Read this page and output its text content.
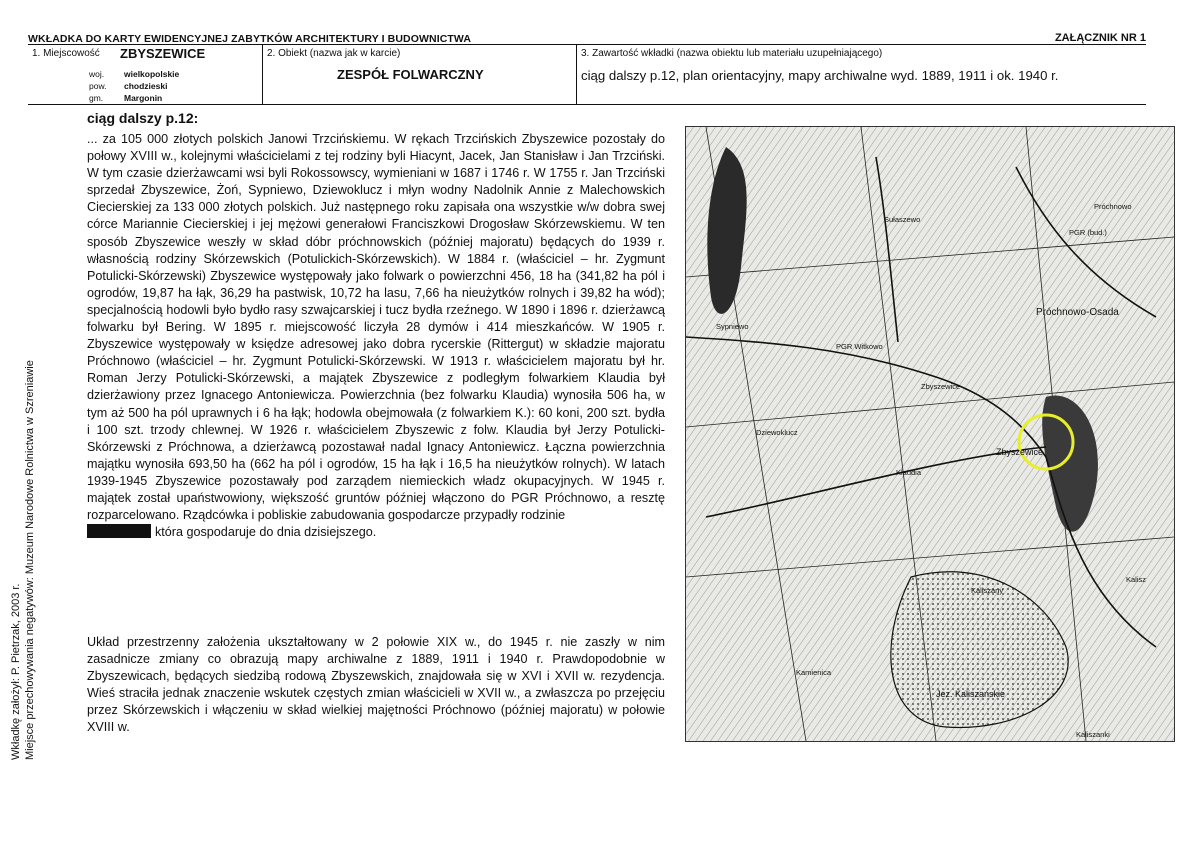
WKŁADKA DO KARTY EWIDENCYJNEJ ZABYTKÓW ARCHITEKTURY I BUDOWNICTWA	ZAŁĄCZNIK NR 1
1. Miejscowość ZBYSZEWICE
woj. wielkopolskie
pow. chodzieski
gm. Margonin
2. Obiekt (nazwa jak w karcie)
ZESPÓŁ FOLWARCZNY
3. Zawartość wkładki (nazwa obiektu lub materiału uzupełniającego)
ciąg dalszy p.12, plan orientacyjny, mapy archiwalne wyd. 1889, 1911 i ok. 1940 r.
Wkładkę założył: P. Pietrzak, 2003 r. Miejsce przechowywania negatywów: Muzeum Narodowe Rolnictwa w Szreniawie
ciąg dalszy p.12:

... za 105 000 złotych polskich Janowi Trzcińskiemu. W rękach Trzcińskich Zbyszewice pozostały do połowy XVIII w., kolejnymi właścicielami z tej rodziny byli Hiacynt, Jacek, Jan Stanisław i Jan Trzciński. W tym czasie dzierżawcami wsi byli Rokossowscy, wymieniani w 1687 i 1746 r. W 1755 r. Jan Trzciński sprzedał Zbyszewice, Żoń, Sypniewo, Dziewoklucz i młyn wodny Nadolnik Annie z Malechowskich Ciecierskiej za 133 000 złotych polskich. Już następnego roku zapisała ona wszystkie w/w dobra swej córce Mariannie Ciecierskiej i jej mężowi generałowi Franciszkowi Drogosław Skórzewskiemu. W ten sposób Zbyszewice weszły w skład dóbr próchnowskich (później majoratu) będących do 1939 r. własnością rodziny Skórzewskich (Potulickich-Skórzewskich). W 1884 r. (właściciel – hr. Zygmunt Potulicki-Skórzewski) Zbyszewice występowały jako folwark o powierzchni 456, 18 ha (341,82 ha pól i ogrodów, 19,87 ha łąk, 36,29 ha pastwisk, 10,72 ha lasu, 7,66 ha nieużytków rolnych i 39,82 ha wód); specjalnością hodowli było bydło rasy szwajcarskiej i tucz bydła rzeźnego. W 1890 i 1896 r. dzierżawcą folwarku był Bering. W 1895 r. miejscowość liczyła 28 dymów i 414 mieszkańców. W 1905 r. Zbyszewice występowały w księdze adresowej jako dobra rycerskie (Rittergut) w składzie majoratu Próchnowo (właściciel – hr. Zygmunt Potulicki-Skórzewski. W 1913 r. właścicielem majoratu był hr. Roman Jerzy Potulicki-Skórzewski, a majątek Zbyszewice z podległym folwarkiem Klaudia był dzierżawiony przez Ignacego Antoniewicza. Powierzchnia (bez folwarku Klaudia) wynosiła 506 ha, w tym aż 500 ha pól uprawnych i 6 ha łąk; hodowla obejmowała (z folwarkiem K.): 60 koni, 200 szt. bydła i 100 szt. trzody chlewnej. W 1926 r. właścicielem Zbyszewic z folw. Klaudia był Jerzy Potulicki-Skórzewski z Próchnowa, a dzierżawcą pozostawał nadal Ignacy Antoniewicz. Łączna powierzchnia majątku wynosiła 693,50 ha (662 ha pól i ogrodów, 15 ha łąk i 16,5 ha nieużytków rolnych). W latach 1939-1945 Zbyszewice pozostawały pod zarządem niemieckich władz okupacyjnych. W 1945 r. majątek został upaństwowiony, większość gruntów później włączono do PGR Próchnowo, a resztę rozparcelowano. Rządcówka i pobliskie zabudowania gospodarcze przypadły rodzinie
która gospodaruje do dnia dzisiejszego.

Układ przestrzenny założenia ukształtowany w 2 połowie XIX w., do 1945 r. nie zaszły w nim zasadnicze zmiany co obrazują mapy archiwalne z 1889, 1911 i 1940 r. Prawdopodobnie w Zbyszewicach, będących siedzibą rodową Zbyszewskich, znajdowała się w XVI i XVII w. rezydencja. Wieś straciła jednak znaczenie wskutek częstych zmian właścicieli w XVII w., a zwłaszcza po przejęciu przez Skórzewskich i włączeniu w skład wielkiej majętności Próchnowo (później majoratu) w połowie XVIII w.

Próchnowo
Sułaszewo
PGR (bud.)
Próchnowo-Osada
Sypniewo
PGR Witkowo
Zbyszewice
Dziewoklucz
Klaudia
Zbyszewice
Kalisz
Kaliszany
Jez. Kaliszańskie
Kamienica
Kaliszanki
